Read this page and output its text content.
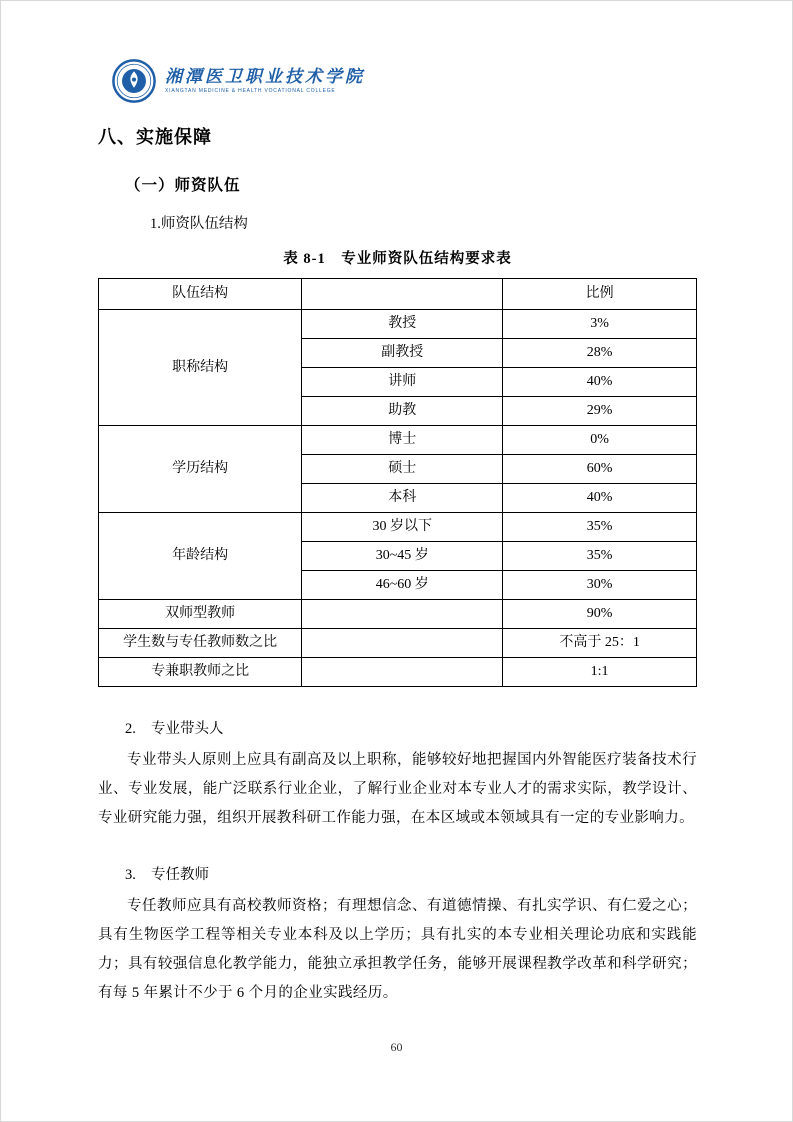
湘潭医卫职业技术学院
XIANGTAN MEDICINE & HEALTH VOCATIONAL COLLEGE
八、实施保障
（一）师资队伍
1.师资队伍结构
表 8-1　专业师资队伍结构要求表
队伍结构		比例
职称结构	教授	3%
	副教授	28%
	讲师	40%
	助教	29%
学历结构	博士	0%
	硕士	60%
	本科	40%
年龄结构	30 岁以下	35%
	30~45 岁	35%
	46~60 岁	30%
双师型教师		90%
学生数与专任教师数之比		不高于 25：1
专兼职教师之比		1:1
2. 专业带头人
专业带头人原则上应具有副高及以上职称，能够较好地把握国内外智能医疗装备技术行业、专业发展，能广泛联系行业企业，了解行业企业对本专业人才的需求实际，教学设计、专业研究能力强，组织开展教科研工作能力强，在本区域或本领域具有一定的专业影响力。
3. 专任教师
专任教师应具有高校教师资格；有理想信念、有道德情操、有扎实学识、有仁爱之心；具有生物医学工程等相关专业本科及以上学历；具有扎实的本专业相关理论功底和实践能力；具有较强信息化教学能力，能独立承担教学任务，能够开展课程教学改革和科学研究；有每 5 年累计不少于 6 个月的企业实践经历。
60
